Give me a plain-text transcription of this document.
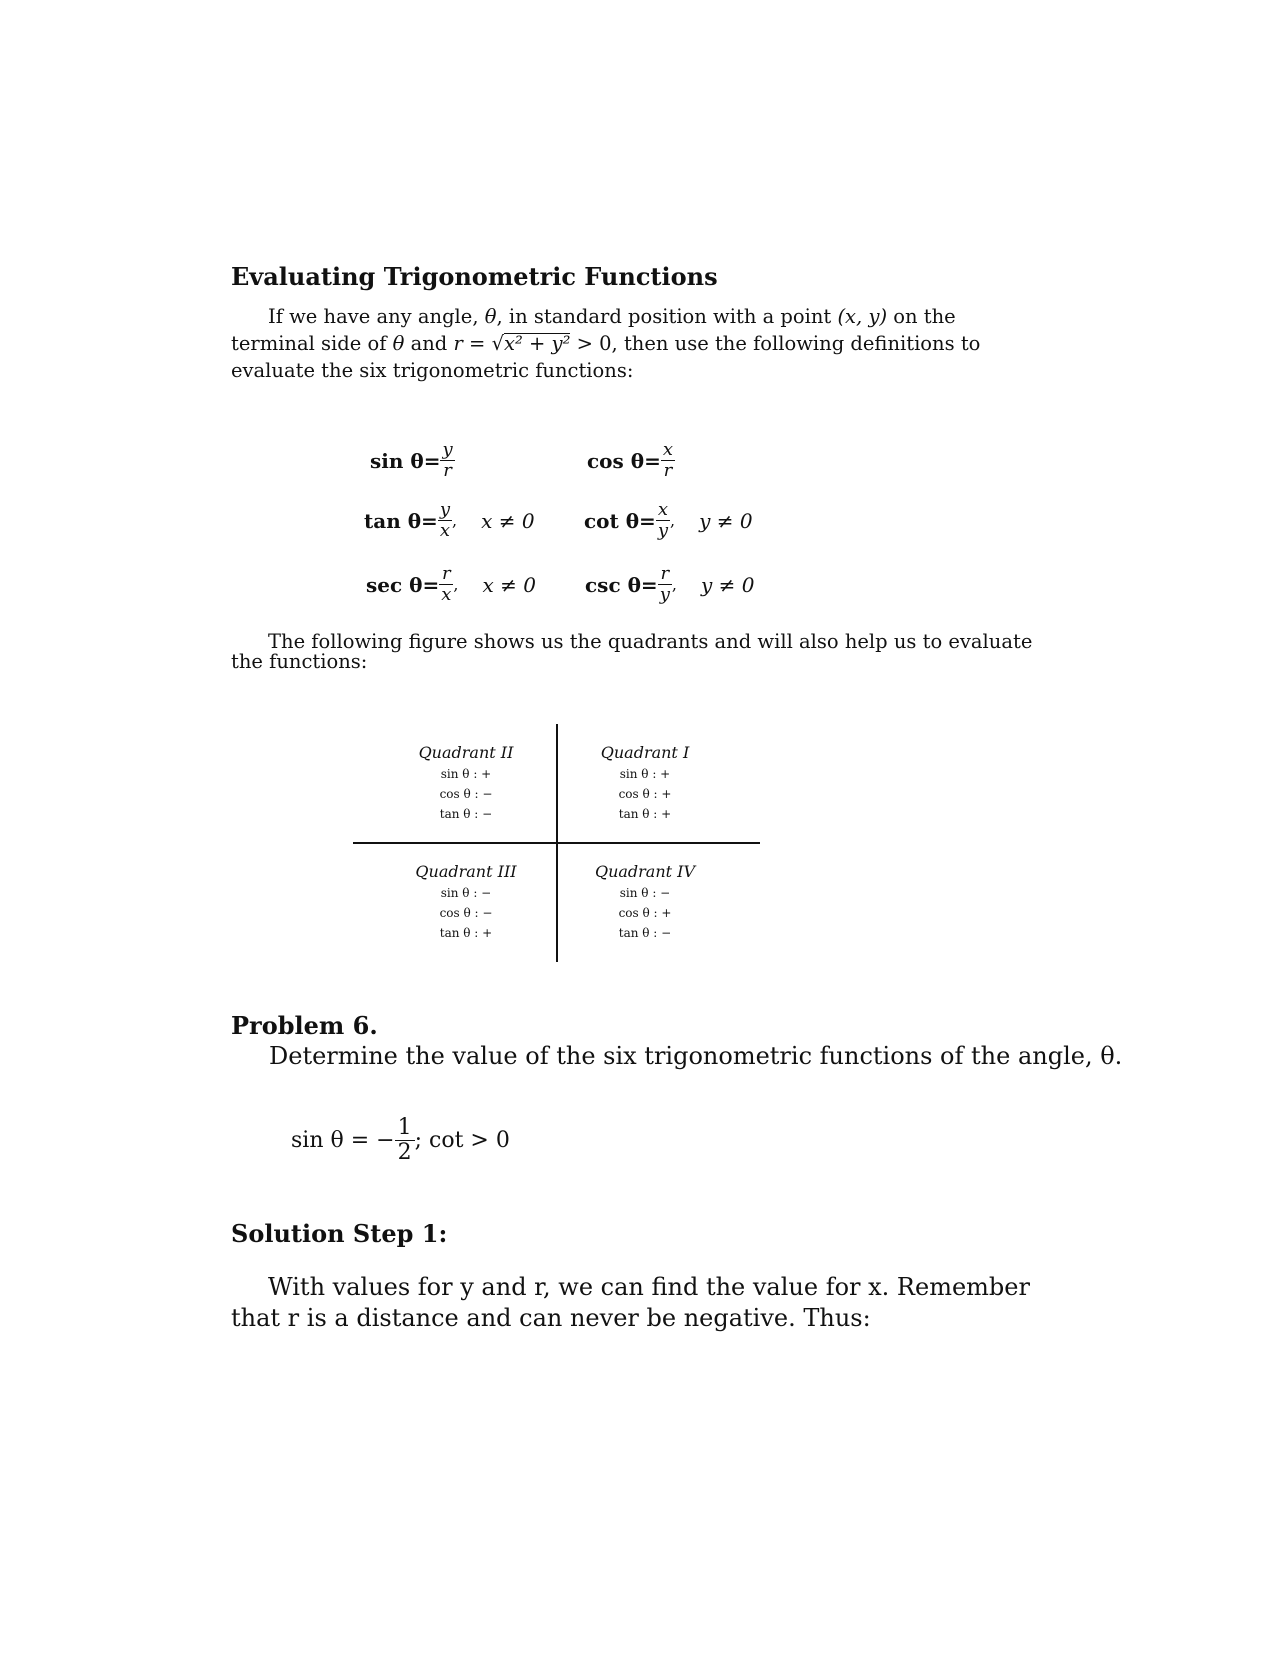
Evaluating Trigonometric Functions
If we have any angle, θ, in standard position with a point (x, y) on the terminal side of θ and r = √x² + y² > 0, then use the following definitions to evaluate the six trigonometric functions:
$\sin \theta= \frac{y}{r}$	$\cos \theta= \frac{x}{r}$
$\tan \theta= \frac{y}{x}$ , x ≠ 0 $\cot \theta= \frac{x}{y}$ , y ≠ 0
$\sec \theta= \frac{r}{x}$ , x ≠ 0 $\csc \theta= \frac{r}{y}$ , y ≠ 0
The following figure shows us the quadrants and will also help us to evaluate the functions:
Quadrant II
sin θ : +
cos θ : −
tan θ : −
Quadrant I
sin θ : +
cos θ : +
tan θ : +
Quadrant III
sin θ : −
cos θ : −
tan θ : +
Quadrant IV
sin θ : −
cos θ : +
tan θ : −
Problem 6.
Determine the value of the six trigonometric functions of the angle, θ.
sin θ = − $\frac{1}{2}$ ; cot > 0
Solution Step 1:
With values for y and r, we can find the value for x. Remember that r is a distance and can never be negative. Thus:
